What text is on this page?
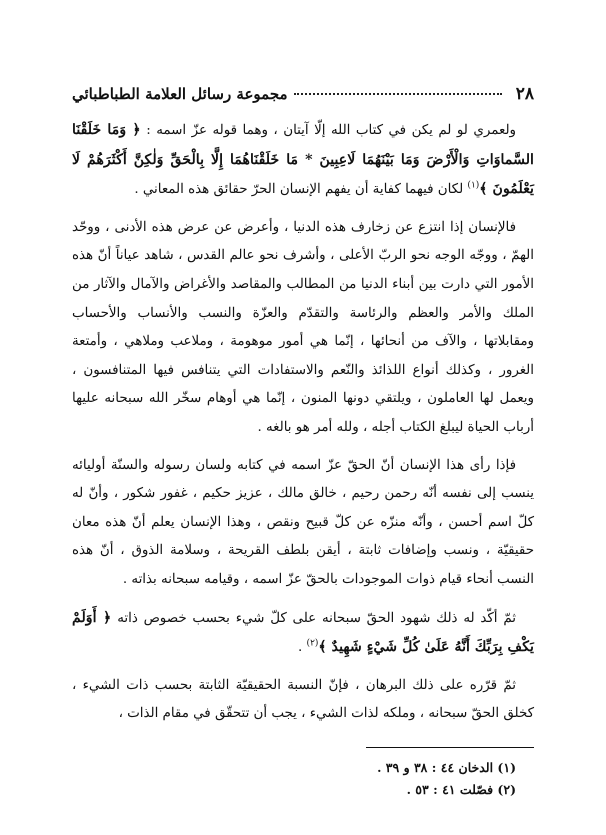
٢٨
مجموعة رسائل العلامة الطباطبائي

ولعمري لو لم يكن في كتاب الله إلّا آيتان ، وهما قوله عزّ اسمه : ﴿ وَمَا خَلَقْنَا السَّماوَاتِ وَالْأَرْضَ وَمَا بَيْنَهُمَا لَاعِبِينَ * مَا خَلَقْنَاهُمَا إِلَّا بِالْحَقِّ وَلٰكِنَّ أَكْثَرَهُمْ لَا يَعْلَمُونَ ﴾$^{(١)}$ لكان فيهما كفاية أن يفهم الإنسان الحرّ حقائق هذه المعاني .

فالإنسان إذا انتزع عن زخارف هذه الدنيا ، وأعرض عن عرض هذه الأدنى ، ووحّد الهمّ ، ووجّه الوجه نحو الربّ الأعلى ، وأشرف نحو عالم القدس ، شاهد عياناً أنّ هذه الأمور التي دارت بين أبناء الدنيا من المطالب والمقاصد والأغراض والآمال والآثار من الملك والأمر والعظم والرئاسة والتقدّم والعزّة والنسب والأنساب والأحساب ومقابلاتها ، والآف من أنحائها ، إنّما هي أمور موهومة ، وملاعب وملاهي ، وأمتعة الغرور ، وكذلك أنواع اللذائذ والنّعم والاستفادات التي يتنافس فيها المتنافسون ، ويعمل لها العاملون ، ويلتقي دونها المنون ، إنّما هي أوهام سخّر الله سبحانه عليها أرباب الحياة ليبلغ الكتاب أجله ، ولله أمر هو بالغه .

فإذا رأى هذا الإنسان أنّ الحقّ عزّ اسمه في كتابه ولسان رسوله والسنّة أوليائه ينسب إلى نفسه أنّه رحمن رحيم ، خالق مالك ، عزيز حكيم ، غفور شكور ، وأنّ له كلّ اسم أحسن ، وأنّه منزّه عن كلّ قبيح ونقص ، وهذا الإنسان يعلم أنّ هذه معان حقيقيّة ، ونسب وإضافات ثابتة ، أيقن بلطف القريحة ، وسلامة الذوق ، أنّ هذه النسب أنحاء قيام ذوات الموجودات بالحقّ عزّ اسمه ، وقيامه سبحانه بذاته .

ثمّ أكّد له ذلك شهود الحقّ سبحانه على كلّ شيء بحسب خصوص ذاته ﴿ أَوَلَمْ يَكْفِ بِرَبِّكَ أَنَّهُ عَلَىٰ كُلِّ شَيْءٍ شَهِيدٌ ﴾$^{(٢)}$ .

ثمّ قرّره على ذلك البرهان ، فإنّ النسبة الحقيقيّة الثابتة بحسب ذات الشيء ، كخلق الحقّ سبحانه ، وملكه لذات الشيء ، يجب أن تتحقّق في مقام الذات ،

(١) الدخان ٤٤ : ٣٨ و ٣٩ .

(٢) فصّلت ٤١ : ٥٣ .
